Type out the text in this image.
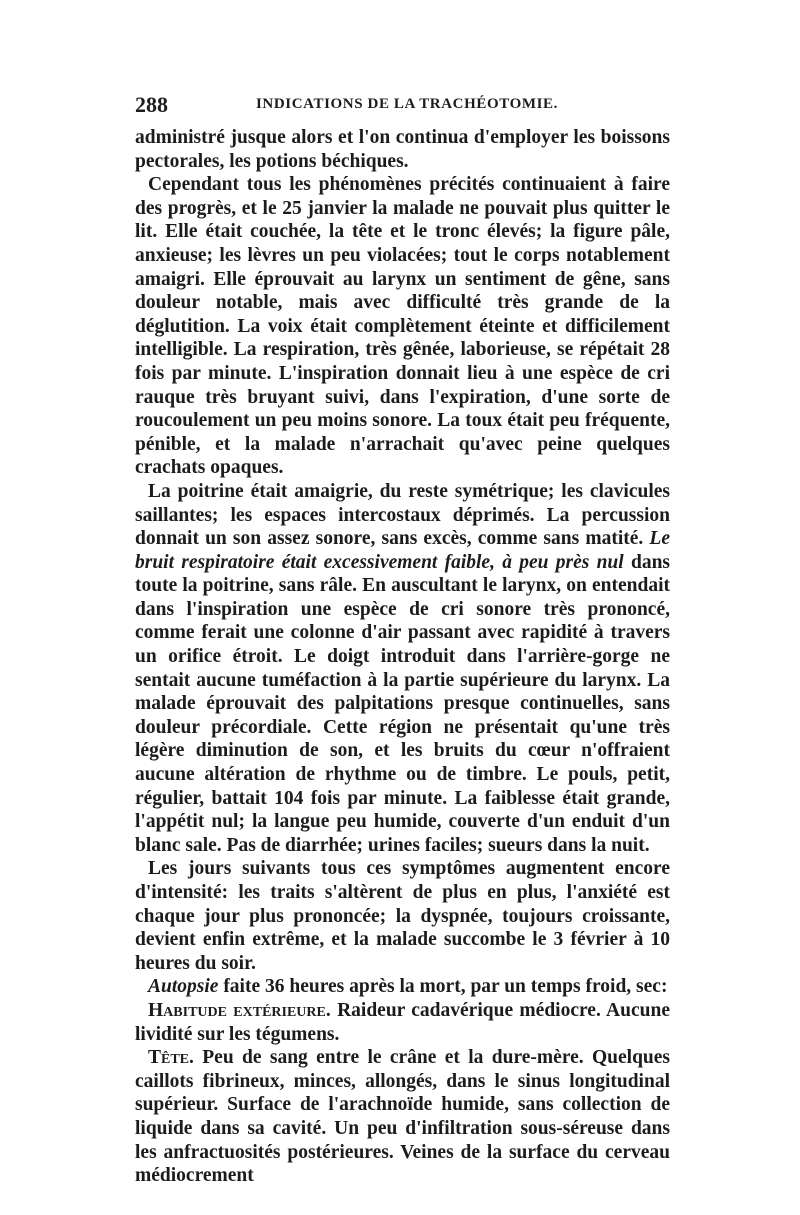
288	INDICATIONS DE LA TRACHÉOTOMIE.

administré jusque alors et l'on continua d'employer les boissons pectorales, les potions béchiques.

Cependant tous les phénomènes précités continuaient à faire des progrès, et le 25 janvier la malade ne pouvait plus quitter le lit. Elle était couchée, la tête et le tronc élevés; la figure pâle, anxieuse; les lèvres un peu violacées; tout le corps notablement amaigri. Elle éprouvait au larynx un sentiment de gêne, sans douleur notable, mais avec difficulté très grande de la déglutition. La voix était complètement éteinte et difficilement intelligible. La respiration, très gênée, laborieuse, se répétait 28 fois par minute. L'inspiration donnait lieu à une espèce de cri rauque très bruyant suivi, dans l'expiration, d'une sorte de roucoulement un peu moins sonore. La toux était peu fréquente, pénible, et la malade n'arrachait qu'avec peine quelques crachats opaques.

La poitrine était amaigrie, du reste symétrique; les clavicules saillantes; les espaces intercostaux déprimés. La percussion donnait un son assez sonore, sans excès, comme sans matité. Le bruit respiratoire était excessivement faible, à peu près nul dans toute la poitrine, sans râle. En auscultant le larynx, on entendait dans l'inspiration une espèce de cri sonore très prononcé, comme ferait une colonne d'air passant avec rapidité à travers un orifice étroit. Le doigt introduit dans l'arrière-gorge ne sentait aucune tuméfaction à la partie supérieure du larynx. La malade éprouvait des palpitations presque continuelles, sans douleur précordiale. Cette région ne présentait qu'une très légère diminution de son, et les bruits du cœur n'offraient aucune altération de rhythme ou de timbre. Le pouls, petit, régulier, battait 104 fois par minute. La faiblesse était grande, l'appétit nul; la langue peu humide, couverte d'un enduit d'un blanc sale. Pas de diarrhée; urines faciles; sueurs dans la nuit.

Les jours suivants tous ces symptômes augmentent encore d'intensité: les traits s'altèrent de plus en plus, l'anxiété est chaque jour plus prononcée; la dyspnée, toujours croissante, devient enfin extrême, et la malade succombe le 3 février à 10 heures du soir.

Autopsie faite 36 heures après la mort, par un temps froid, sec:

Habitude extérieure. Raideur cadavérique médiocre. Aucune lividité sur les tégumens.

Tête. Peu de sang entre le crâne et la dure-mère. Quelques caillots fibrineux, minces, allongés, dans le sinus longitudinal supérieur. Surface de l'arachnoïde humide, sans collection de liquide dans sa cavité. Un peu d'infiltration sous-séreuse dans les anfractuosités postérieures. Veines de la surface du cerveau médiocrement
